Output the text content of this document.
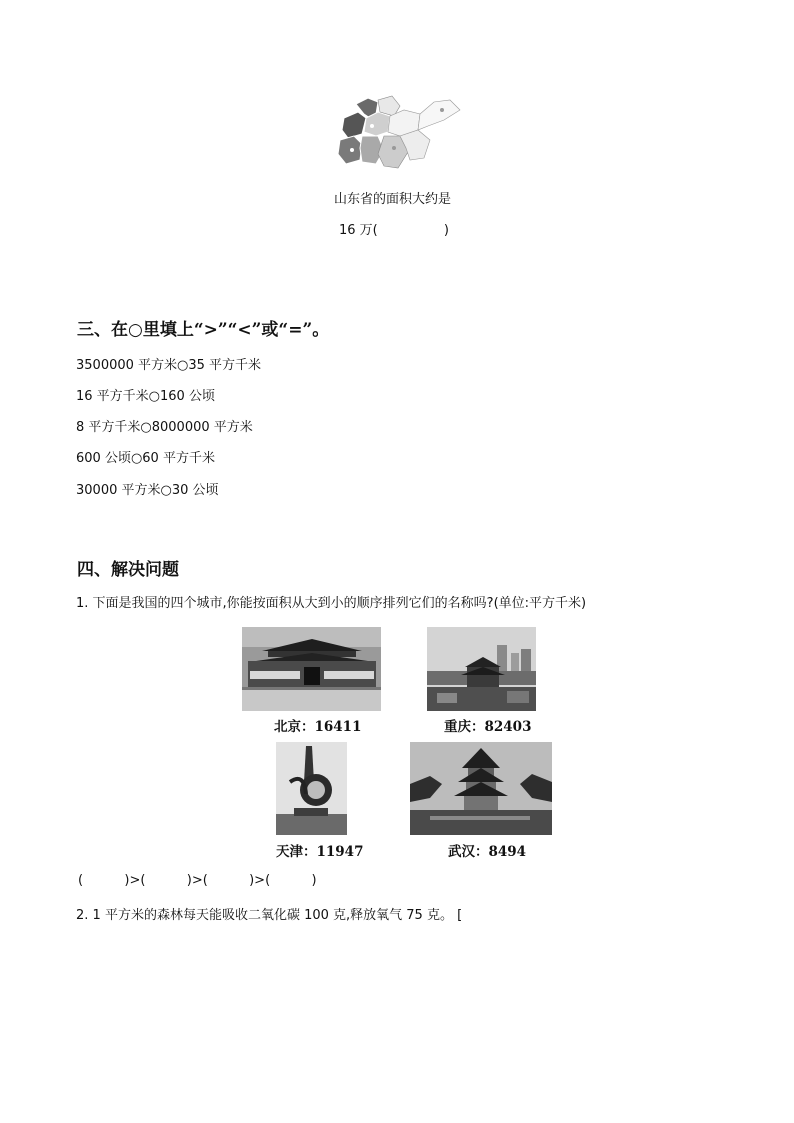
山东省的面积大约是
16 万(                )
三、在○里填上“>”“<”或“=”。
3500000 平方米○35 平方千米
16 平方千米○160 公顷
8 平方千米○8000000 平方米
600 公顷○60 平方千米
30000 平方米○30 公顷
四、解决问题
1. 下面是我国的四个城市,你能按面积从大到小的顺序排列它们的名称吗?(单位:平方千米)
北京：16411	重庆：82403
天津：11947	武汉：8494
(          )>(          )>(          )>(          )
2. 1 平方米的森林每天能吸收二氧化碳 100 克,释放氧气 75 克。 [
